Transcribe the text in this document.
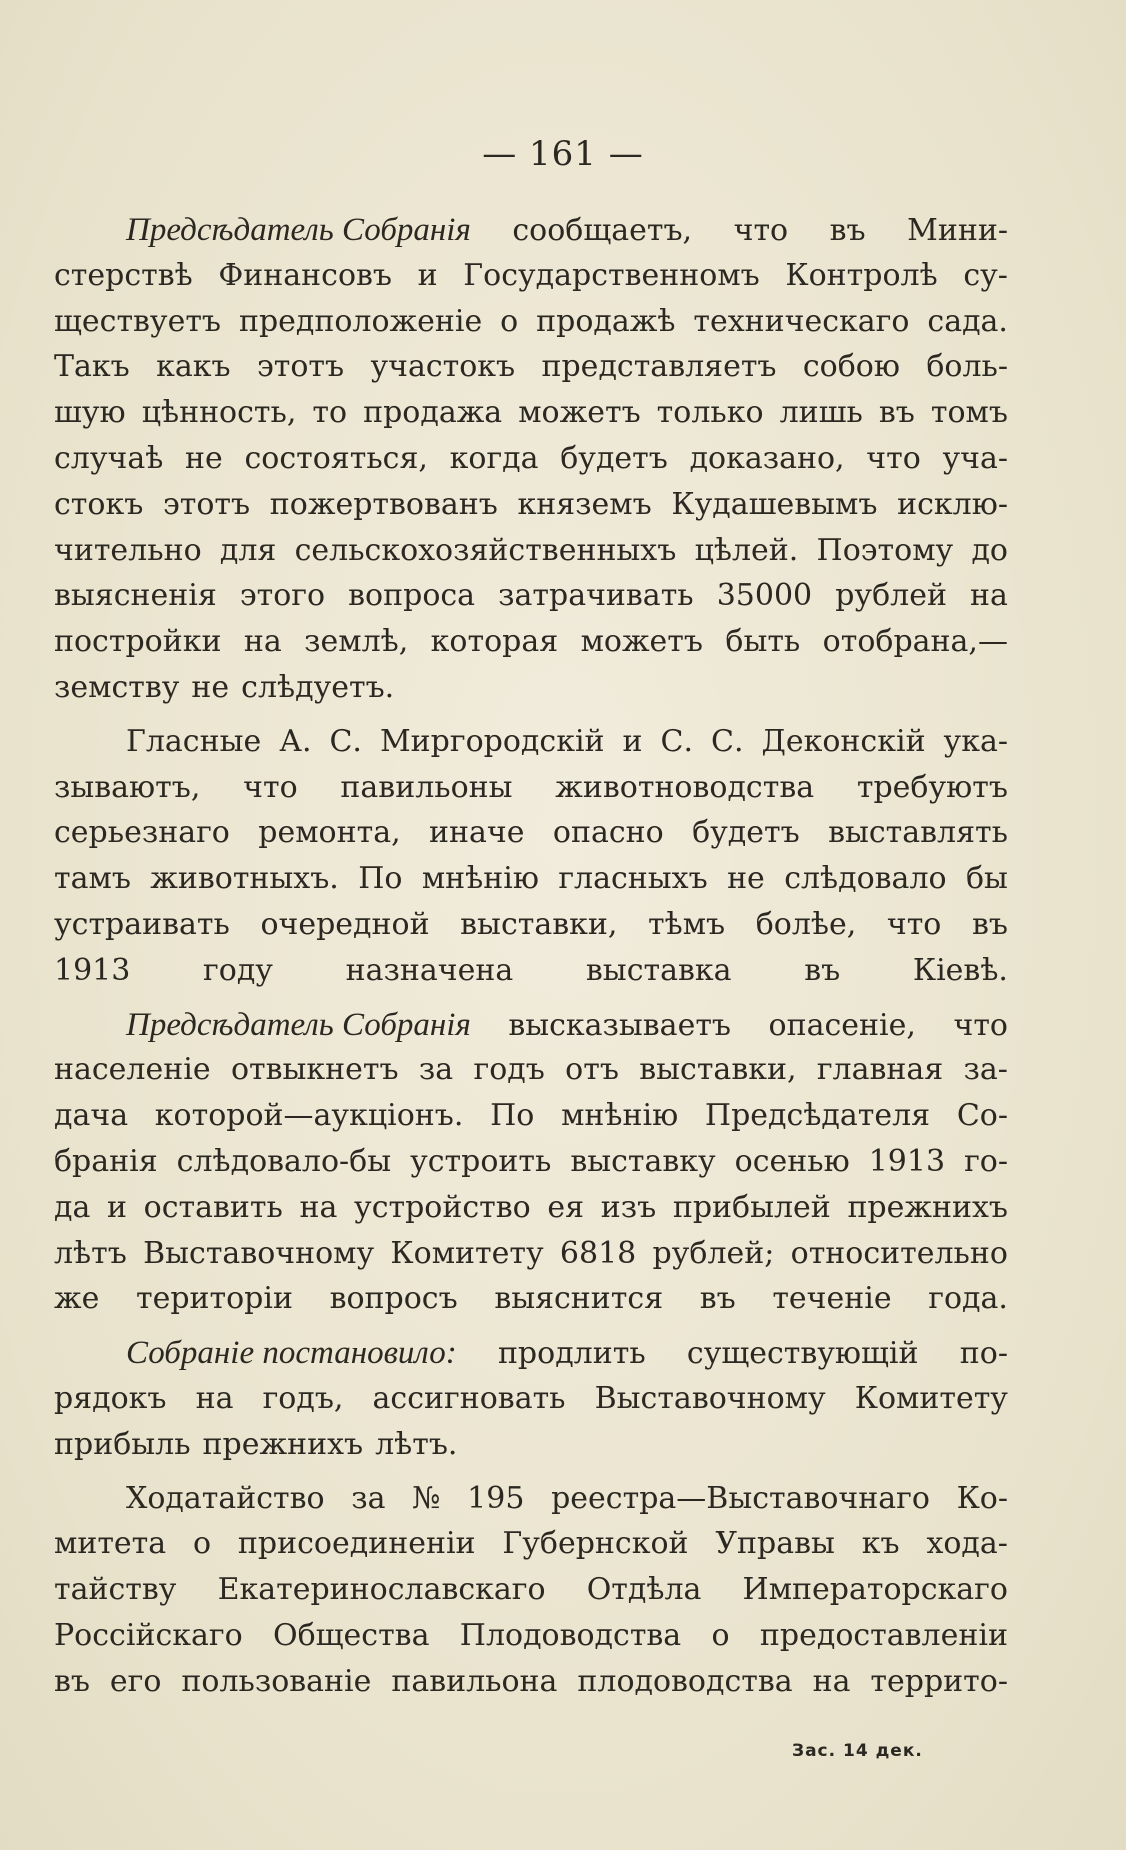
— 161 —
Предсѣдатель Собранія сообщаетъ, что въ Мини-
стерствѣ Финансовъ и Государственномъ Контролѣ су-
ществуетъ предположеніе о продажѣ техническаго сада.
Такъ какъ этотъ участокъ представляетъ собою боль-
шую цѣнность, то продажа можетъ только лишь въ томъ
случаѣ не состояться, когда будетъ доказано, что уча-
стокъ этотъ пожертвованъ княземъ Кудашевымъ исклю-
чительно для сельскохозяйственныхъ цѣлей. Поэтому до
выясненія этого вопроса затрачивать 35000 рублей на
постройки на землѣ, которая можетъ быть отобрана,—
земству не слѣдуетъ.
Гласные А. С. Миргородскій и С. С. Деконскій ука-
зываютъ, что павильоны животноводства требуютъ
серьезнаго ремонта, иначе опасно будетъ выставлять
тамъ животныхъ. По мнѣнію гласныхъ не слѣдовало бы
устраивать очередной выставки, тѣмъ болѣе, что въ
1913 году назначена выставка въ Кіевѣ.
Предсѣдатель Собранія высказываетъ опасеніе, что
населеніе отвыкнетъ за годъ отъ выставки, главная за-
дача которой—аукціонъ. По мнѣнію Предсѣдателя Со-
бранія слѣдовало-бы устроить выставку осенью 1913 го-
да и оставить на устройство ея изъ прибылей прежнихъ
лѣтъ Выставочному Комитету 6818 рублей; относительно
же територіи вопросъ выяснится въ теченіе года.
Собраніе постановило: продлить существующій по-
рядокъ на годъ, ассигновать Выставочному Комитету
прибыль прежнихъ лѣтъ.
Ходатайство за № 195 реестра—Выставочнаго Ко-
митета о присоединеніи Губернской Управы къ хода-
тайству Екатеринославскаго Отдѣла Императорскаго
Россійскаго Общества Плодоводства о предоставленіи
въ его пользованіе павильона плодоводства на террито-
Зас. 14 дек.
